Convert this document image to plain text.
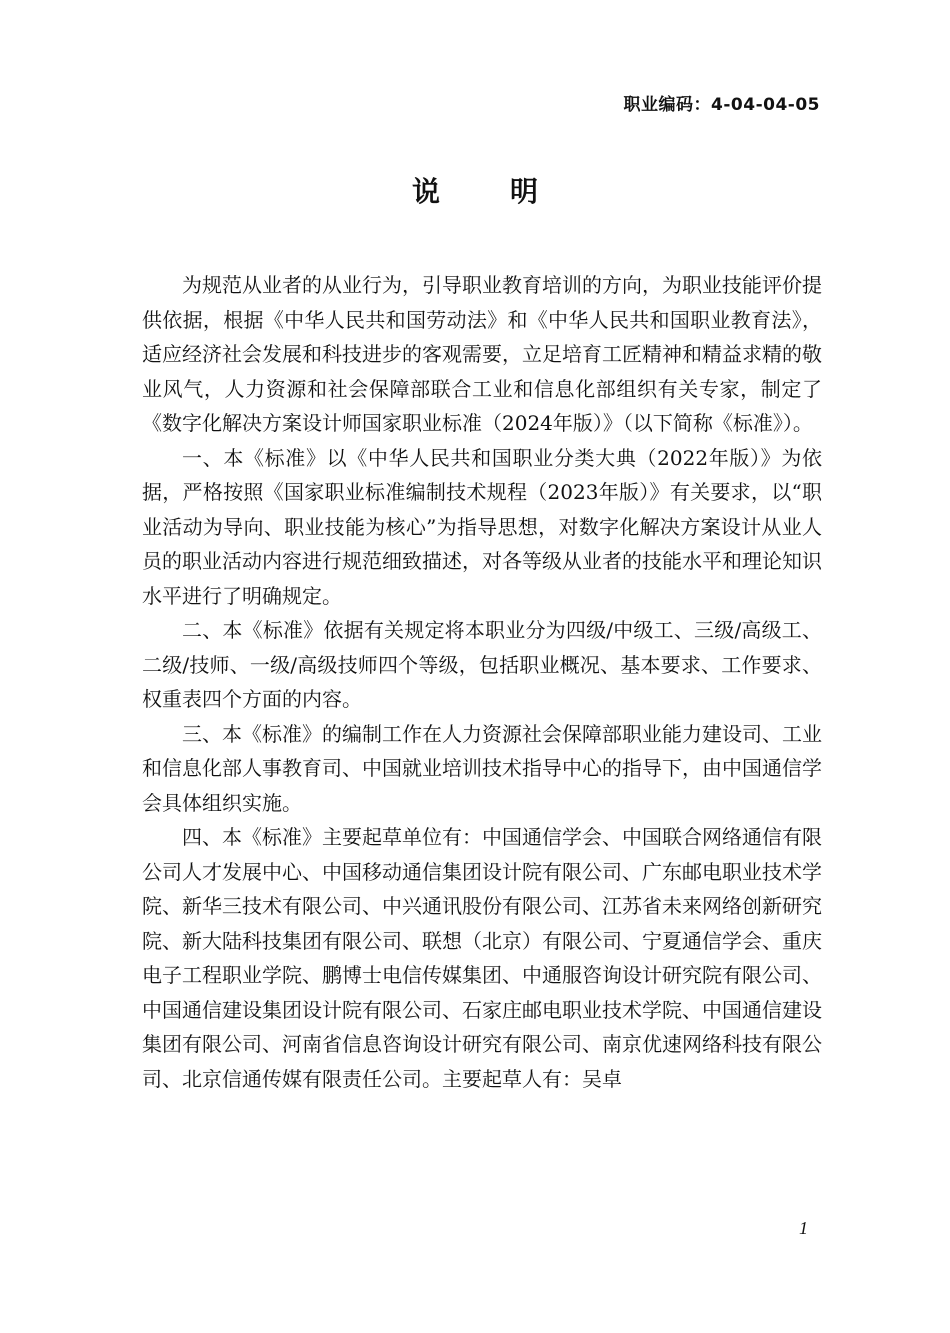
职业编码：4-04-04-05
说明

为规范从业者的从业行为，引导职业教育培训的方向，为职业技能评价提供依据，根据《中华人民共和国劳动法》和《中华人民共和国职业教育法》，适应经济社会发展和科技进步的客观需要，立足培育工匠精神和精益求精的敬业风气，人力资源和社会保障部联合工业和信息化部组织有关专家，制定了《数字化解决方案设计师国家职业标准（2024年版）》（以下简称《标准》）。

一、本《标准》以《中华人民共和国职业分类大典（2022年版）》为依据，严格按照《国家职业标准编制技术规程（2023年版）》有关要求，以“职业活动为导向、职业技能为核心”为指导思想，对数字化解决方案设计从业人员的职业活动内容进行规范细致描述，对各等级从业者的技能水平和理论知识水平进行了明确规定。

二、本《标准》依据有关规定将本职业分为四级/中级工、三级/高级工、二级/技师、一级/高级技师四个等级，包括职业概况、基本要求、工作要求、权重表四个方面的内容。

三、本《标准》的编制工作在人力资源社会保障部职业能力建设司、工业和信息化部人事教育司、中国就业培训技术指导中心的指导下，由中国通信学会具体组织实施。

四、本《标准》主要起草单位有：中国通信学会、中国联合网络通信有限公司人才发展中心、中国移动通信集团设计院有限公司、广东邮电职业技术学院、新华三技术有限公司、中兴通讯股份有限公司、江苏省未来网络创新研究院、新大陆科技集团有限公司、联想（北京）有限公司、宁夏通信学会、重庆电子工程职业学院、鹏博士电信传媒集团、中通服咨询设计研究院有限公司、中国通信建设集团设计院有限公司、石家庄邮电职业技术学院、中国通信建设集团有限公司、河南省信息咨询设计研究有限公司、南京优速网络科技有限公司、北京信通传媒有限责任公司。主要起草人有：吴卓

1
